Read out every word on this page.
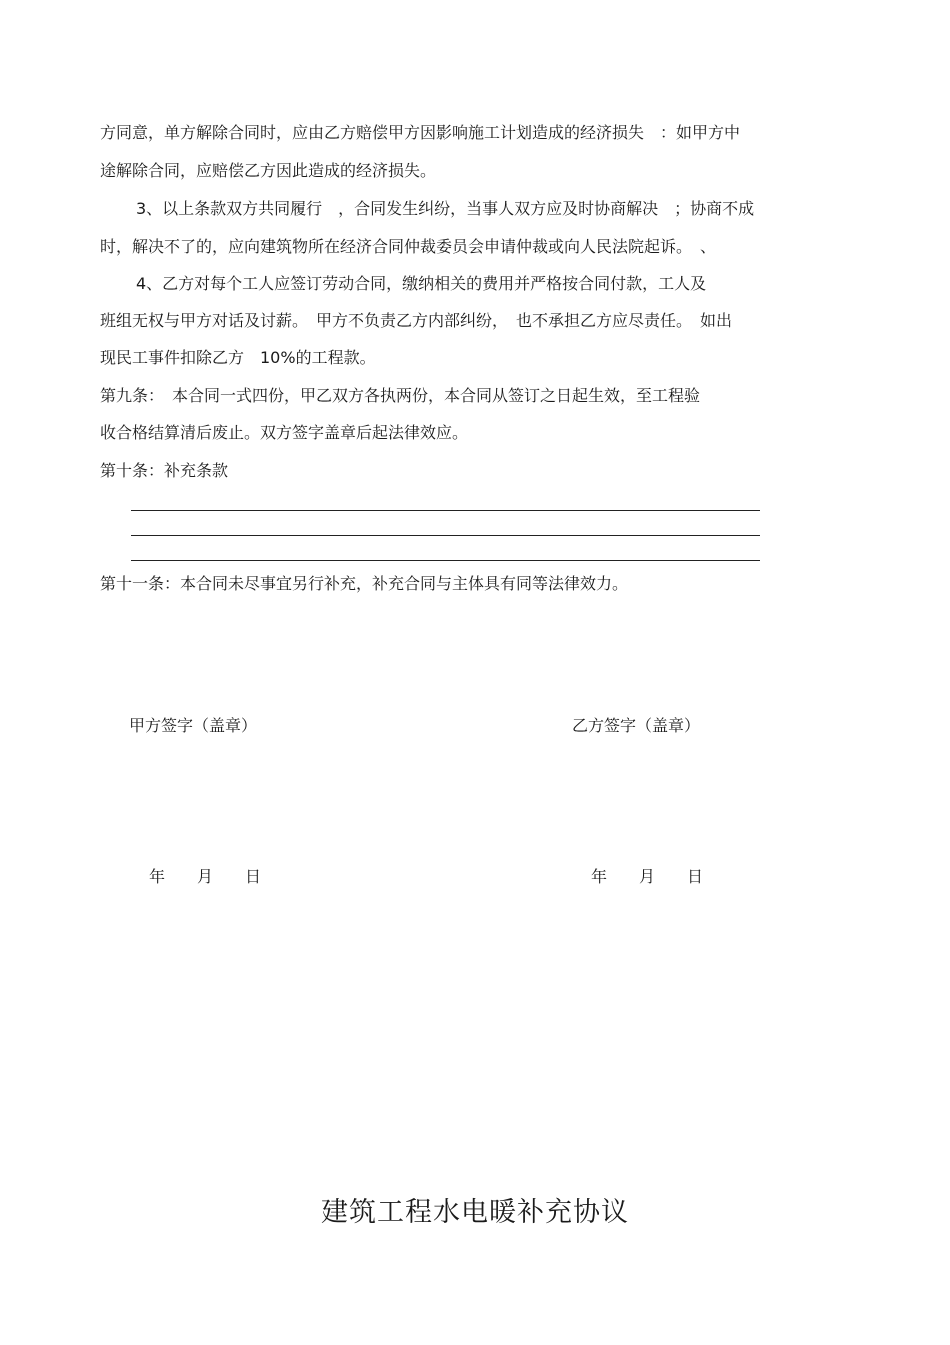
方同意，单方解除合同时，应由乙方赔偿甲方因影响施工计划造成的经济损失　：如甲方中
途解除合同，应赔偿乙方因此造成的经济损失。
3、以上条款双方共同履行　，合同发生纠纷，当事人双方应及时协商解决　；协商不成
时，解决不了的，应向建筑物所在经济合同仲裁委员会申请仲裁或向人民法院起诉。　、
4、乙方对每个工人应签订劳动合同，缴纳相关的费用并严格按合同付款，工人及
班组无权与甲方对话及讨薪。　甲方不负责乙方内部纠纷，　也不承担乙方应尽责任。　如出
现民工事件扣除乙方　10%的工程款。
第九条：　本合同一式四份，甲乙双方各执两份，本合同从签订之日起生效，至工程验
收合格结算清后废止。双方签字盖章后起法律效应。
第十条：补充条款
第十一条：本合同未尽事宜另行补充，补充合同与主体具有同等法律效力。
甲方签字（盖章）	乙方签字（盖章）
年　　月　　日	年　　月　　日
建筑工程水电暖补充协议
